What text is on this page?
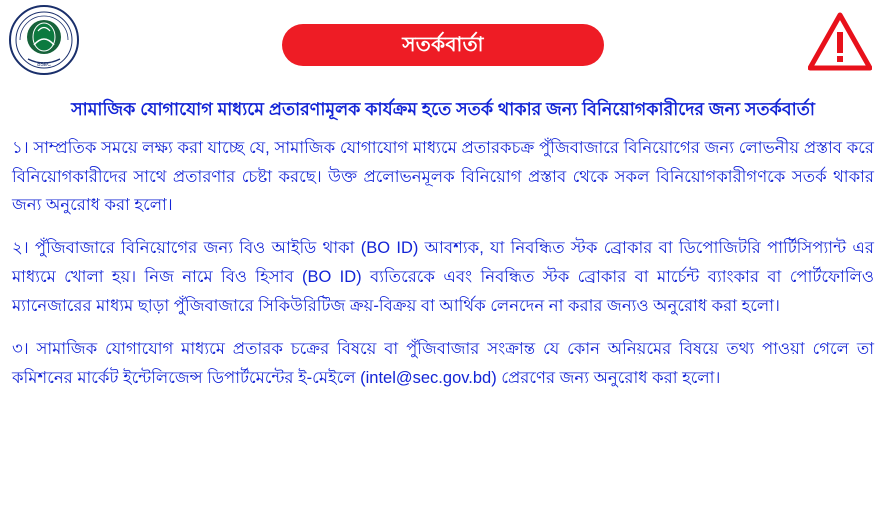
BSEC
সতর্কবার্তা
সামাজিক যোগাযোগ মাধ্যমে প্রতারণামূলক কার্যক্রম হতে সতর্ক থাকার জন্য বিনিয়োগকারীদের জন্য সতর্কবার্তা

১। সাম্প্রতিক সময়ে লক্ষ্য করা যাচ্ছে যে, সামাজিক যোগাযোগ মাধ্যমে প্রতারকচক্র পুঁজিবাজারে বিনিয়োগের জন্য লোভনীয় প্রস্তাব করে বিনিয়োগকারীদের সাথে প্রতারণার চেষ্টা করছে। উক্ত প্রলোভনমূলক বিনিয়োগ প্রস্তাব থেকে সকল বিনিয়োগকারীগণকে সতর্ক থাকার জন্য অনুরোধ করা হলো।

২। পুঁজিবাজারে বিনিয়োগের জন্য বিও আইডি থাকা (BO ID) আবশ্যক, যা নিবন্ধিত স্টক ব্রোকার বা ডিপোজিটরি পার্টিসিপ্যান্ট এর মাধ্যমে খোলা হয়। নিজ নামে বিও হিসাব (BO ID) ব্যতিরেকে এবং নিবন্ধিত স্টক ব্রোকার বা মার্চেন্ট ব্যাংকার বা পোর্টফোলিও ম্যানেজারের মাধ্যম ছাড়া পুঁজিবাজারে সিকিউরিটিজ ক্রয়-বিক্রয় বা আর্থিক লেনদেন না করার জন্যও অনুরোধ করা হলো।

৩। সামাজিক যোগাযোগ মাধ্যমে প্রতারক চক্রের বিষয়ে বা পুঁজিবাজার সংক্রান্ত যে কোন অনিয়মের বিষয়ে তথ্য পাওয়া গেলে তা কমিশনের মার্কেট ইন্টেলিজেন্স ডিপার্টমেন্টের ই-মেইলে (intel@sec.gov.bd) প্রেরণের জন্য অনুরোধ করা হলো।
